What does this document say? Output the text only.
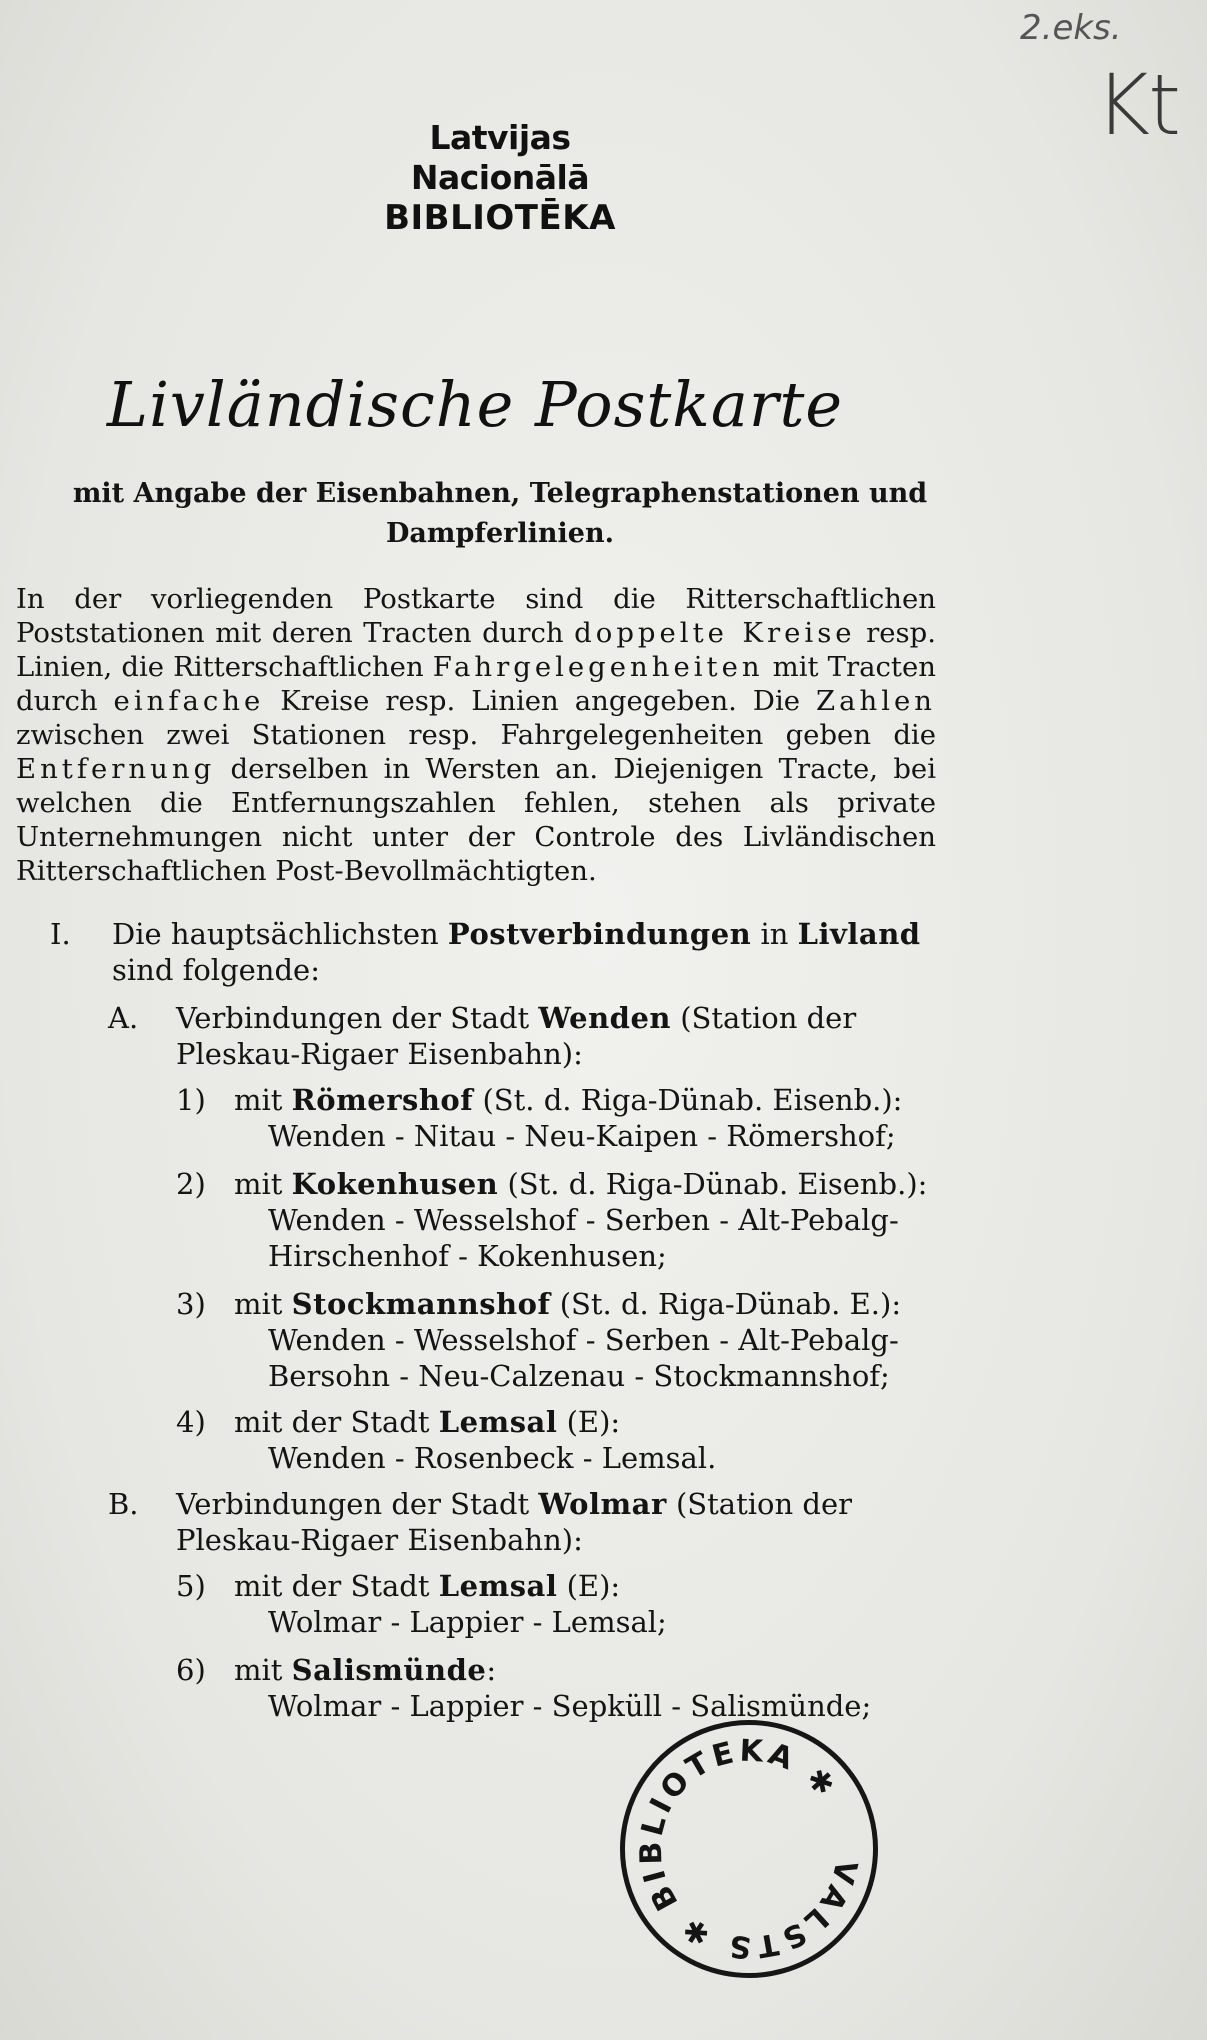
2.eks.
Kt
Latvijas Nacionālā
BIBLIOTĒKA
Livländische Postkarte
mit Angabe der Eisenbahnen, Telegraphenstationen und
Dampferlinien.
In der vorliegenden Postkarte sind die Ritterschaftlichen Poststationen mit deren Tracten durch doppelte Kreise resp. Linien, die Ritterschaftlichen Fahrgelegenheiten mit Tracten durch einfache Kreise resp. Linien angegeben. Die Zahlen zwischen zwei Stationen resp. Fahrgelegenheiten geben die Entfernung derselben in Wersten an. Diejenigen Tracte, bei welchen die Entfernungszahlen fehlen, stehen als private Unternehmungen nicht unter der Controle des Livländischen Ritterschaftlichen Post-Bevollmächtigten.
I. Die hauptsächlichsten Postverbindungen in Livland
sind folgende:
A. Verbindungen der Stadt Wenden (Station der
Pleskau-Rigaer Eisenbahn):
1) mit Römershof (St. d. Riga-Dünab. Eisenb.):
Wenden - Nitau - Neu-Kaipen - Römershof;
2) mit Kokenhusen (St. d. Riga-Dünab. Eisenb.):
Wenden - Wesselshof - Serben - Alt-Pebalg-
Hirschenhof - Kokenhusen;
3) mit Stockmannshof (St. d. Riga-Dünab. E.):
Wenden - Wesselshof - Serben - Alt-Pebalg-
Bersohn - Neu-Calzenau - Stockmannshof;
4) mit der Stadt Lemsal (E):
Wenden - Rosenbeck - Lemsal.
B. Verbindungen der Stadt Wolmar (Station der
Pleskau-Rigaer Eisenbahn):
5) mit der Stadt Lemsal (E):
Wolmar - Lappier - Lemsal;
6) mit Salismünde:
Wolmar - Lappier - Sepküll - Salismünde;
VALSTS ✱ BIBLIOTEKA ✱
